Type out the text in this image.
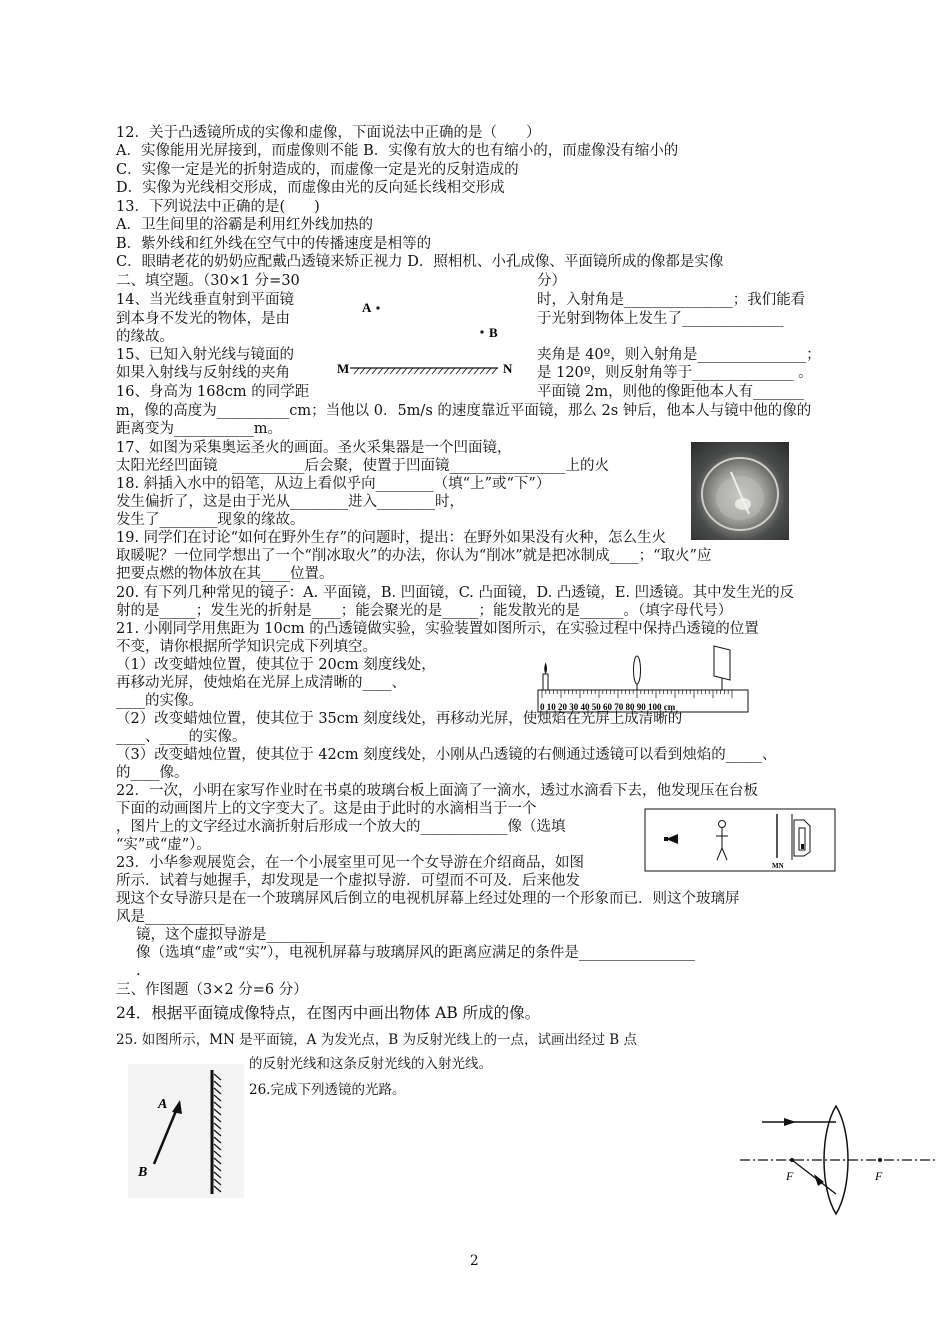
12．关于凸透镜所成的实像和虚像，下面说法中正确的是（　　）
A．实像能用光屏接到，而虚像则不能 B．实像有放大的也有缩小的，而虚像没有缩小的
C．实像一定是光的折射造成的，而虚像一定是光的反射造成的
D．实像为光线相交形成，而虚像由光的反向延长线相交形成
13．下列说法中正确的是(　　)
A．卫生间里的浴霸是利用红外线加热的
B．紫外线和红外线在空气中的传播速度是相等的
C．眼睛老花的奶奶应配戴凸透镜来矫正视力 D．照相机、小孔成像、平面镜所成的像都是实像
二、填空题。（30×1 分=30	分）
14、当光线垂直射到平面镜	时，入射角是_______________；我们能看
到本身不发光的物体，是由	于光射到物体上发生了______________
的缘故。
15、已知入射光线与镜面的	夹角是 40º，则入射角是_______________；
如果入射线与反射线的夹角	是 120º，则反射角等于______________ 。
16、身高为 168cm 的同学距	平面镜 2m，则他的像距他本人有_______
m，像的高度为__________cm；当他以 0．5m/s 的速度靠近平面镜，那么 2s 钟后，他本人与镜中他的像的
距离变为___________m。
A
B
M	N
17、如图为采集奥运圣火的画面。圣火采集器是一个凹面镜，
太阳光经凹面镜　__________后会聚，使置于凹面镜________________上的火
18. 斜插入水中的铅笔，从边上看似乎向________（填“上”或“下”）
发生偏折了，这是由于光从________进入________时，
发生了________现象的缘故。
19. 同学们在讨论“如何在野外生存”的问题时，提出：在野外如果没有火种，怎么生火
取暖呢？一位同学想出了一个“削冰取火”的办法，你认为“削冰”就是把冰制成____；“取火”应
把要点燃的物体放在其____位置。
20. 有下列几种常见的镜子：A. 平面镜，B. 凹面镜，C. 凸面镜，D. 凸透镜，E. 凹透镜。其中发生光的反
射的是_____；发生光的折射是____；能会聚光的是_____；能发散光的是______。（填字母代号）
21. 小刚同学用焦距为 10cm 的凸透镜做实验，实验装置如图所示，在实验过程中保持凸透镜的位置
不变，请你根据所学知识完成下列填空。
（1）改变蜡烛位置，使其位于 20cm 刻度线处，
再移动光屏，使烛焰在光屏上成清晰的____、
____的实像。	0 10 20 30 40 50 60 70 80 90 100 cm
（2）改变蜡烛位置，使其位于 35cm 刻度线处，再移动光屏，使烛焰在光屏上成清晰的
____、____的实像。
（3）改变蜡烛位置，使其位于 42cm 刻度线处，小刚从凸透镜的右侧通过透镜可以看到烛焰的_____、
的____像。
22．一次，小明在家写作业时在书桌的玻璃台板上面滴了一滴水，透过水滴看下去，他发现压在台板
下面的动画图片上的文字变大了。这是由于此时的水滴相当于一个
，图片上的文字经过水滴折射后形成一个放大的____________像（选填
“实”或“虚”）。
MN
23．小华参观展览会，在一个小展室里可见一个女导游在介绍商品，如图
所示．试着与她握手，却发现是一个虚拟导游．可望而不可及．后来他发
现这个女导游只是在一个玻璃屏风后倒立的电视机屏幕上经过处理的一个形象而已．则这个玻璃屏
风是___________
镜，这个虚拟导游是________
像（选填“虚”或“实”），电视机屏幕与玻璃屏风的距离应满足的条件是________________
．
三、作图题（3×2 分=6 分）
24．根据平面镜成像特点，在图丙中画出物体 AB 所成的像。
25. 如图所示，MN 是平面镜，A 为发光点，B 为反射光线上的一点，试画出经过 B 点
的反射光线和这条反射光线的入射光线。
26.完成下列透镜的光路。
A
B	F	F
2
